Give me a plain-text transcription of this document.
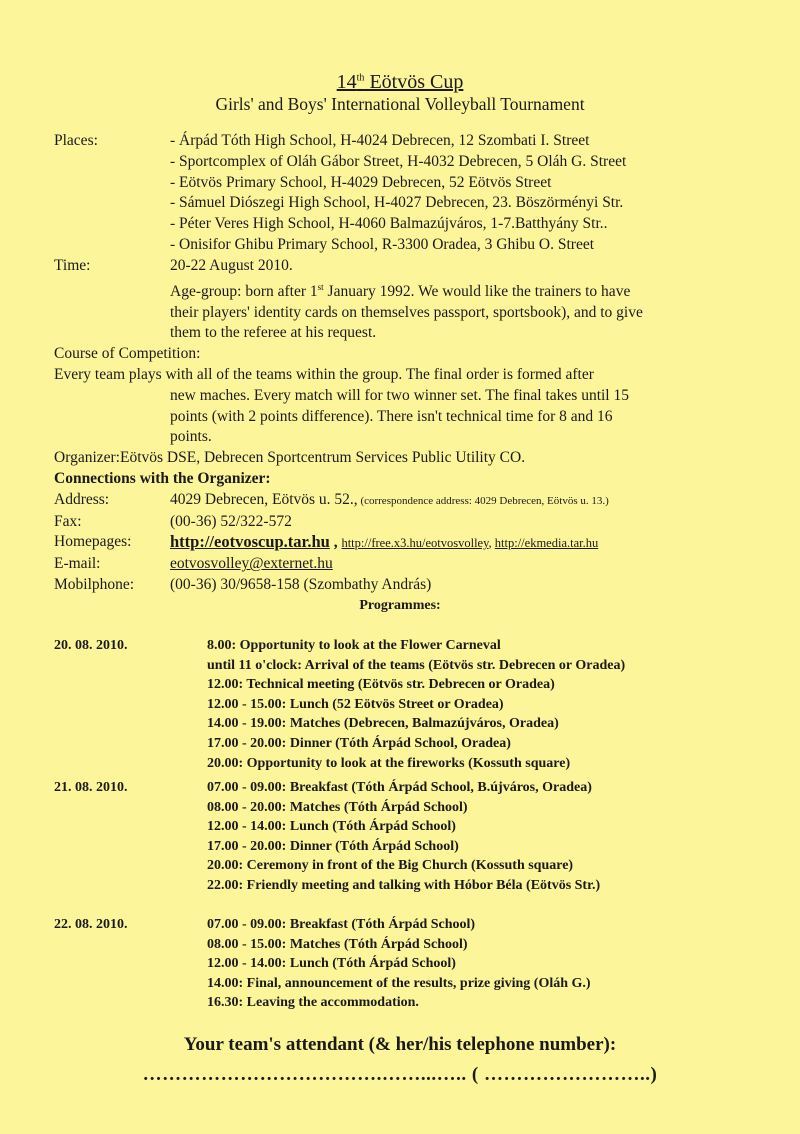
14th Eötvös Cup
Girls' and Boys' International Volleyball Tournament
Places:	- Árpád Tóth High School, H-4024 Debrecen, 12 Szombati I. Street
- Sportcomplex of Oláh Gábor Street, H-4032 Debrecen, 5 Oláh G. Street
- Eötvös Primary School, H-4029 Debrecen, 52 Eötvös Street
- Sámuel Diószegi High School, H-4027 Debrecen, 23. Böszörményi Str.
- Péter Veres High School, H-4060 Balmazújváros, 1-7.Batthyány Str..
- Onisifor Ghibu Primary School, R-3300 Oradea, 3 Ghibu O. Street
Time:	20-22 August 2010.
Age-group: born after 1st January 1992. We would like the trainers to have
their players' identity cards on themselves passport, sportsbook), and to give
them to the referee at his request.
Course of Competition:
Every team plays with all of the teams within the group. The final order is formed after
new maches. Every match will for two winner set. The final takes until 15
points (with 2 points difference). There isn't technical time for 8 and 16
points.
Organizer:Eötvös DSE, Debrecen Sportcentrum Services Public Utility CO.
Connections with the Organizer:
Address:	4029 Debrecen, Eötvös u. 52., (correspondence address: 4029 Debrecen, Eötvös u. 13.)
Fax:	(00-36) 52/322-572
Homepages:	http://eotvoscup.tar.hu , http://free.x3.hu/eotvosvolley, http://ekmedia.tar.hu
E-mail:	eotvosvolley@externet.hu
Mobilphone:	(00-36) 30/9658-158 (Szombathy András)
Programmes:
20. 08. 2010.	8.00: Opportunity to look at the Flower Carneval
until 11 o'clock: Arrival of the teams (Eötvös str. Debrecen or Oradea)
12.00: Technical meeting (Eötvös str. Debrecen or Oradea)
12.00 - 15.00: Lunch (52 Eötvös Street or Oradea)
14.00 - 19.00: Matches (Debrecen, Balmazújváros, Oradea)
17.00 - 20.00: Dinner (Tóth Árpád School, Oradea)
20.00: Opportunity to look at the fireworks (Kossuth square)
21. 08. 2010.	07.00 - 09.00: Breakfast (Tóth Árpád School, B.újváros, Oradea)
08.00 - 20.00: Matches (Tóth Árpád School)
12.00 - 14.00: Lunch (Tóth Árpád School)
17.00 - 20.00: Dinner (Tóth Árpád School)
20.00: Ceremony in front of the Big Church (Kossuth square)
22.00: Friendly meeting and talking with Hóbor Béla (Eötvös Str.)
22. 08. 2010.	07.00 - 09.00: Breakfast (Tóth Árpád School)
08.00 - 15.00: Matches (Tóth Árpád School)
12.00 - 14.00: Lunch (Tóth Árpád School)
14.00: Final, announcement of the results, prize giving (Oláh G.)
16.30: Leaving the accommodation.
Your team's attendant (& her/his telephone number):
……………………………….……...….. ( ……………………..)
